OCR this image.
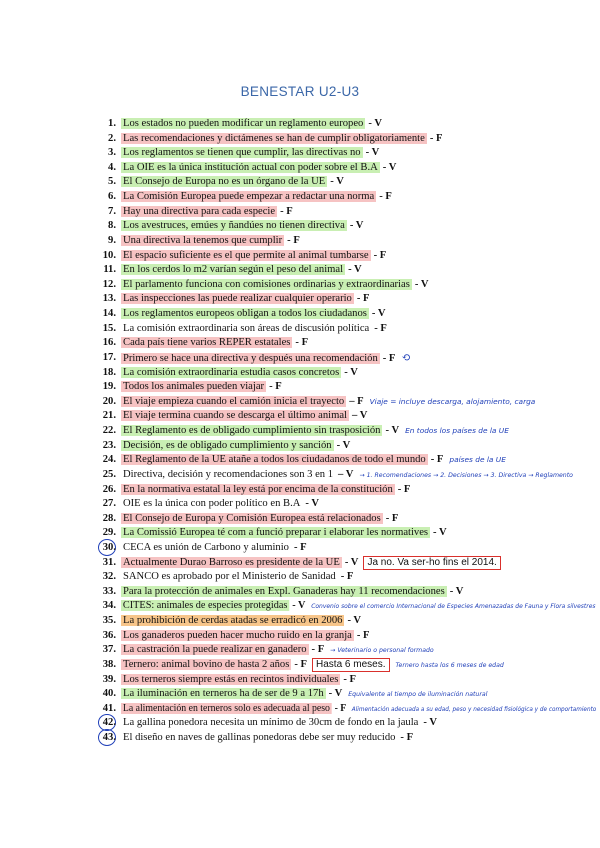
BENESTAR U2-U3
1. Los estados no pueden modificar un reglamento europeo - V
2. Las recomendaciones y dictámenes se han de cumplir obligatoriamente - F
3. Los reglamentos se tienen que cumplir, las directivas no - V
4. La OIE es la única institución actual con poder sobre el B.A - V
5. El Consejo de Europa no es un órgano de la UE - V
6. La Comisión Europea puede empezar a redactar una norma - F
7. Hay una directiva para cada especie - F
8. Los avestruces, emúes y ñandúes no tienen directiva - V
9. Una directiva la tenemos que cumplir - F
10. El espacio suficiente es el que permite al animal tumbarse - F
11. En los cerdos lo m2 varían según el peso del animal - V
12. El parlamento funciona con comisiones ordinarias y extraordinarias - V
13. Las inspecciones las puede realizar cualquier operario - F
14. Los reglamentos europeos obligan a todos los ciudadanos - V
15. La comisión extraordinaria son áreas de discusión política - F
16. Cada país tiene varios REPER estatales - F
17. Primero se hace una directiva y después una recomendación - F ⟲
18. La comisión extraordinaria estudia casos concretos - V
19. Todos los animales pueden viajar - F
20. El viaje empieza cuando el camión inicia el trayecto – F Viaje = incluye descarga, alojamiento, carga
21. El viaje termina cuando se descarga el último animal – V
22. El Reglamento es de obligado cumplimiento sin trasposición - V En todos los países de la UE
23. Decisión, es de obligado cumplimiento y sanción - V
24. El Reglamento de la UE atañe a todos los ciudadanos de todo el mundo - F países de la UE
25. Directiva, decisión y recomendaciones son 3 en 1 – V → 1. Recomendaciones → 2. Decisiones → 3. Directiva → Reglamento
26. En la normativa estatal la ley está por encima de la constitución - F
27. OIE es la única con poder político en B.A - V
28. El Consejo de Europa y Comisión Europea está relacionados - F
29. La Comissió Europea té com a funció preparar i elaborar les normatives - V
30. CECA es unión de Carbono y aluminio - F
31. Actualmente Durao Barroso es presidente de la UE - V Ja no. Va ser-ho fins el 2014.
32. SANCO es aprobado por el Ministerio de Sanidad - F
33. Para la protección de animales en Expl. Ganaderas hay 11 recomendaciones - V
34. CITES: animales de especies protegidas - V Convenio sobre el comercio Internacional de Especies Amenazadas de Fauna y Flora silvestres
35. La prohibición de cerdas atadas se erradicó en 2006 - V
36. Los ganaderos pueden hacer mucho ruido en la granja - F
37. La castración la puede realizar en ganadero - F → Veterinario o personal formado
38. Ternero: animal bovino de hasta 2 años - F Hasta 6 meses. Ternero hasta los 6 meses de edad
39. Los terneros siempre estás en recintos individuales - F
40. La iluminación en terneros ha de ser de 9 a 17h - V Equivalente al tiempo de iluminación natural
41. La alimentación en terneros solo es adecuada al peso - F Alimentación adecuada a su edad, peso y necesidad fisiológica y de comportamiento
42. La gallina ponedora necesita un mínimo de 30cm de fondo en la jaula - V
43. El diseño en naves de gallinas ponedoras debe ser muy reducido - F
